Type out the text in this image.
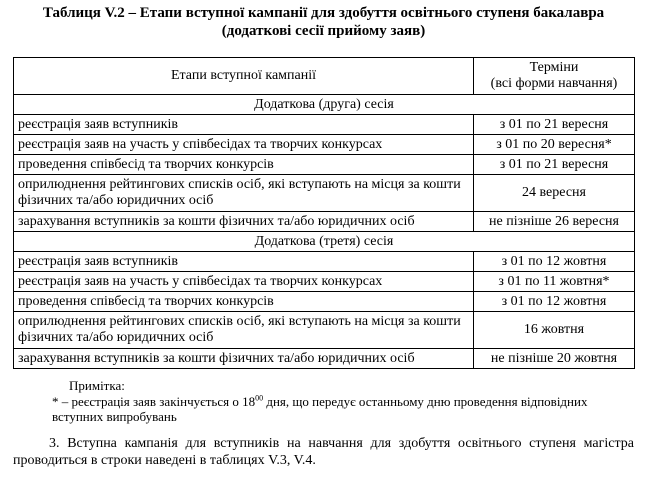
Таблиця V.2 – Етапи вступної кампанії для здобуття освітнього ступеня бакалавра
(додаткові сесії прийому заяв)
Етапи вступної кампанії	Терміни
(всі форми навчання)
Додаткова (друга) сесія	
реєстрація заяв вступників	з 01 по 21 вересня
реєстрація заяв на участь у співбесідах та творчих конкурсах	з 01 по 20 вересня*
проведення співбесід та творчих конкурсів	з 01 по 21 вересня
оприлюднення рейтингових списків осіб, які вступають на місця за кошти фізичних та/або юридичних осіб	24 вересня
зарахування вступників за кошти фізичних та/або юридичних осіб	не пізніше 26 вересня
Додаткова (третя) сесія	
реєстрація заяв вступників	з 01 по 12 жовтня
реєстрація заяв на участь у співбесідах та творчих конкурсах	з 01 по 11 жовтня*
проведення співбесід та творчих конкурсів	з 01 по 12 жовтня
оприлюднення рейтингових списків осіб, які вступають на місця за кошти фізичних та/або юридичних осіб	16 жовтня
зарахування вступників за кошти фізичних та/або юридичних осіб	не пізніше 20 жовтня
Примітка:
* – реєстрація заяв закінчується о $18^{00}$ дня, що передує останньому дню проведення відповідних вступних випробувань
3. Вступна кампанія для вступників на навчання для здобуття освітнього ступеня магістра проводиться в строки наведені в таблицях V.3, V.4.
